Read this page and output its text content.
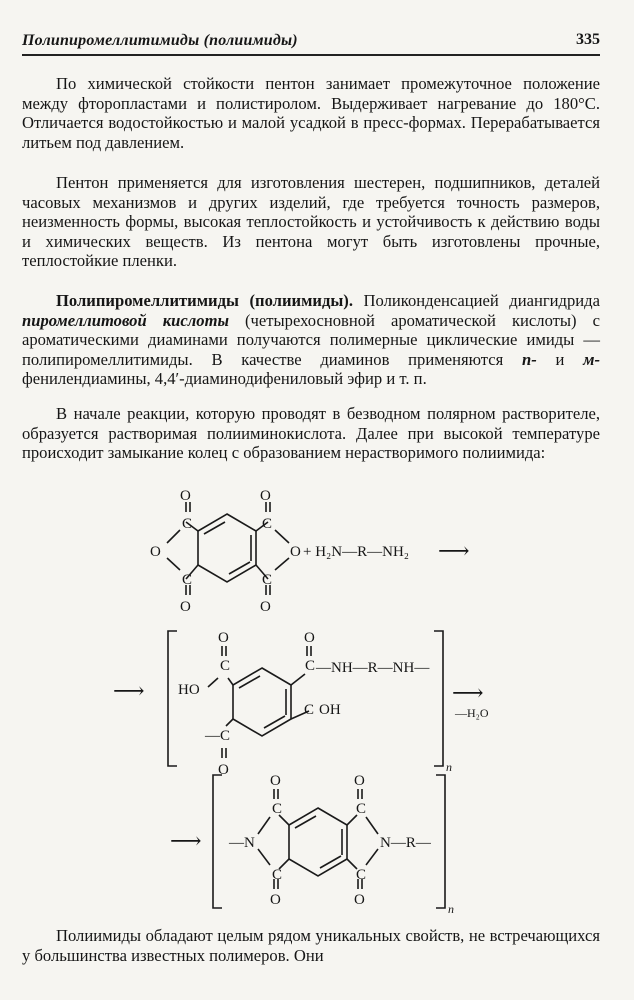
Полипиромеллитимиды (полиимиды)	335

По химической стойкости пентон занимает промежуточное положение между фторопластами и полистиролом. Выдерживает нагревание до 180°С. Отличается водостойкостью и малой усадкой в пресс-формах. Перерабатывается литьем под давлением.

Пентон применяется для изготовления шестерен, подшипников, деталей часовых механизмов и других изделий, где требуется точность размеров, неизменность формы, высокая теплостойкость и устойчивость к действию воды и химических веществ. Из пентона могут быть изготовлены прочные, теплостойкие пленки.

Полипиромеллитимиды (полиимиды). Поликонденсацией диангидрида пиромеллитовой кислоты (четырехосновной ароматической кислоты) с ароматическими диаминами получаются полимерные циклические имиды — полипиромеллитимиды. В качестве диаминов применяются п- и м-фенилендиамины, 4,4′-диаминодифениловый эфир и т. п.

В начале реакции, которую проводят в безводном полярном растворителе, образуется растворимая полииминокислота. Далее при высокой температуре происходит замыкание колец с образованием нерастворимого полиимида:

O	O
C	C
O	O
C	C
O	O
+ H₂N—R—NH₂ ⟶
⟶
O
C
HO
O
C —NH—R—NH—
—C
O
C OH
n
⟶
—H₂O
⟶
O
C
O
C
—N	N—R—
C	C
O	O
n

Полиимиды обладают целым рядом уникальных свойств, не встречающихся у большинства известных полимеров. Они
